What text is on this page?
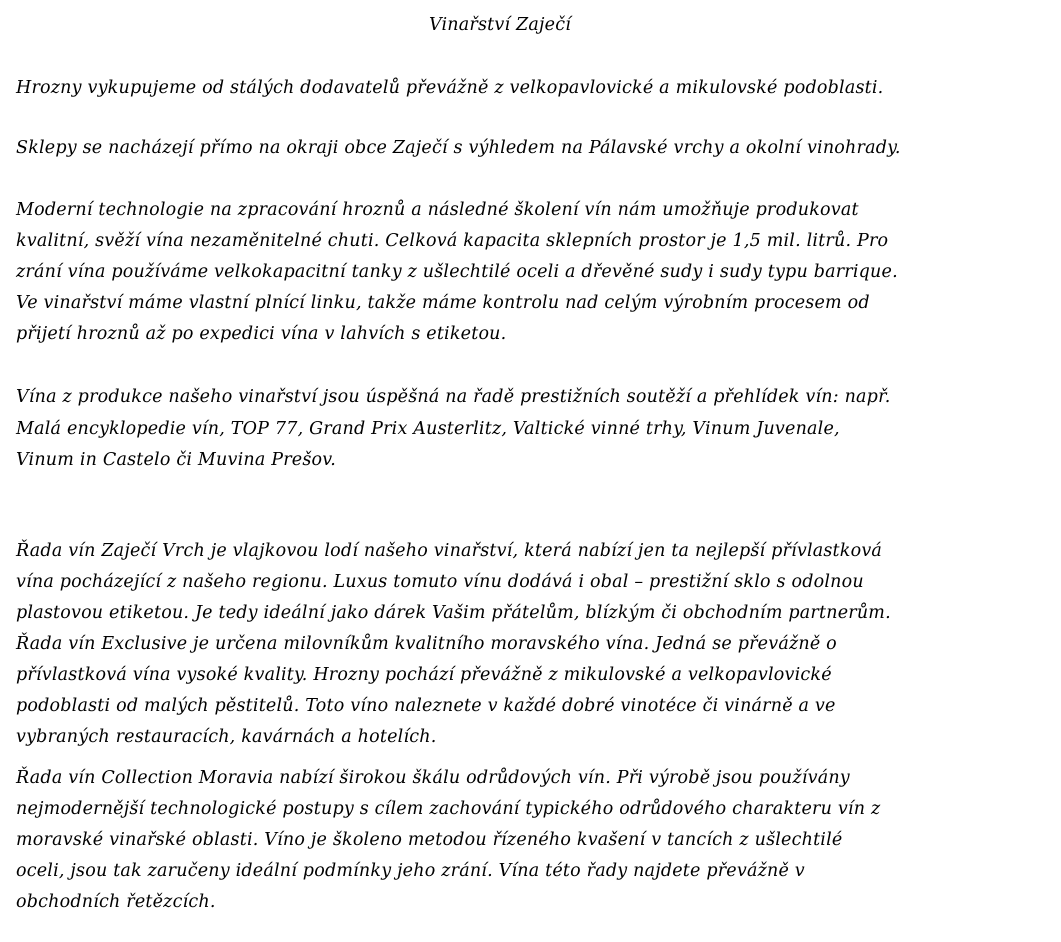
Vinařství Zaječí
Hrozny vykupujeme od stálých dodavatelů převážně z velkopavlovické a mikulovské podoblasti.
Sklepy se nacházejí přímo na okraji obce Zaječí s výhledem na Pálavské vrchy a okolní vinohrady.
Moderní technologie na zpracování hroznů a následné školení vín nám umožňuje produkovat
kvalitní, svěží vína nezaměnitelné chuti. Celková kapacita sklepních prostor je 1,5 mil. litrů. Pro
zrání vína používáme velkokapacitní tanky z ušlechtilé oceli a dřevěné sudy i sudy typu barrique.
Ve vinařství máme vlastní plnící linku, takže máme kontrolu nad celým výrobním procesem od
přijetí hroznů až po expedici vína v lahvích s etiketou.
Vína z produkce našeho vinařství jsou úspěšná na řadě prestižních soutěží a přehlídek vín: např.
Malá encyklopedie vín, TOP 77, Grand Prix Austerlitz, Valtické vinné trhy, Vinum Juvenale,
Vinum in Castelo či Muvina Prešov.
Řada vín Zaječí Vrch je vlajkovou lodí našeho vinařství, která nabízí jen ta nejlepší přívlastková
vína pocházející z našeho regionu. Luxus tomuto vínu dodává i obal – prestižní sklo s odolnou
plastovou etiketou. Je tedy ideální jako dárek Vašim přátelům, blízkým či obchodním partnerům.
Řada vín Exclusive je určena milovníkům kvalitního moravského vína. Jedná se převážně o
přívlastková vína vysoké kvality. Hrozny pochází převážně z mikulovské a velkopavlovické
podoblasti od malých pěstitelů. Toto víno naleznete v každé dobré vinotéce či vinárně a ve
vybraných restauracích, kavárnách a hotelích.
Řada vín Collection Moravia nabízí širokou škálu odrůdových vín. Při výrobě jsou používány
nejmodernější technologické postupy s cílem zachování typického odrůdového charakteru vín z
moravské vinařské oblasti. Víno je školeno metodou řízeného kvašení v tancích z ušlechtilé
oceli, jsou tak zaručeny ideální podmínky jeho zrání. Vína této řady najdete převážně v
obchodních řetězcích.
